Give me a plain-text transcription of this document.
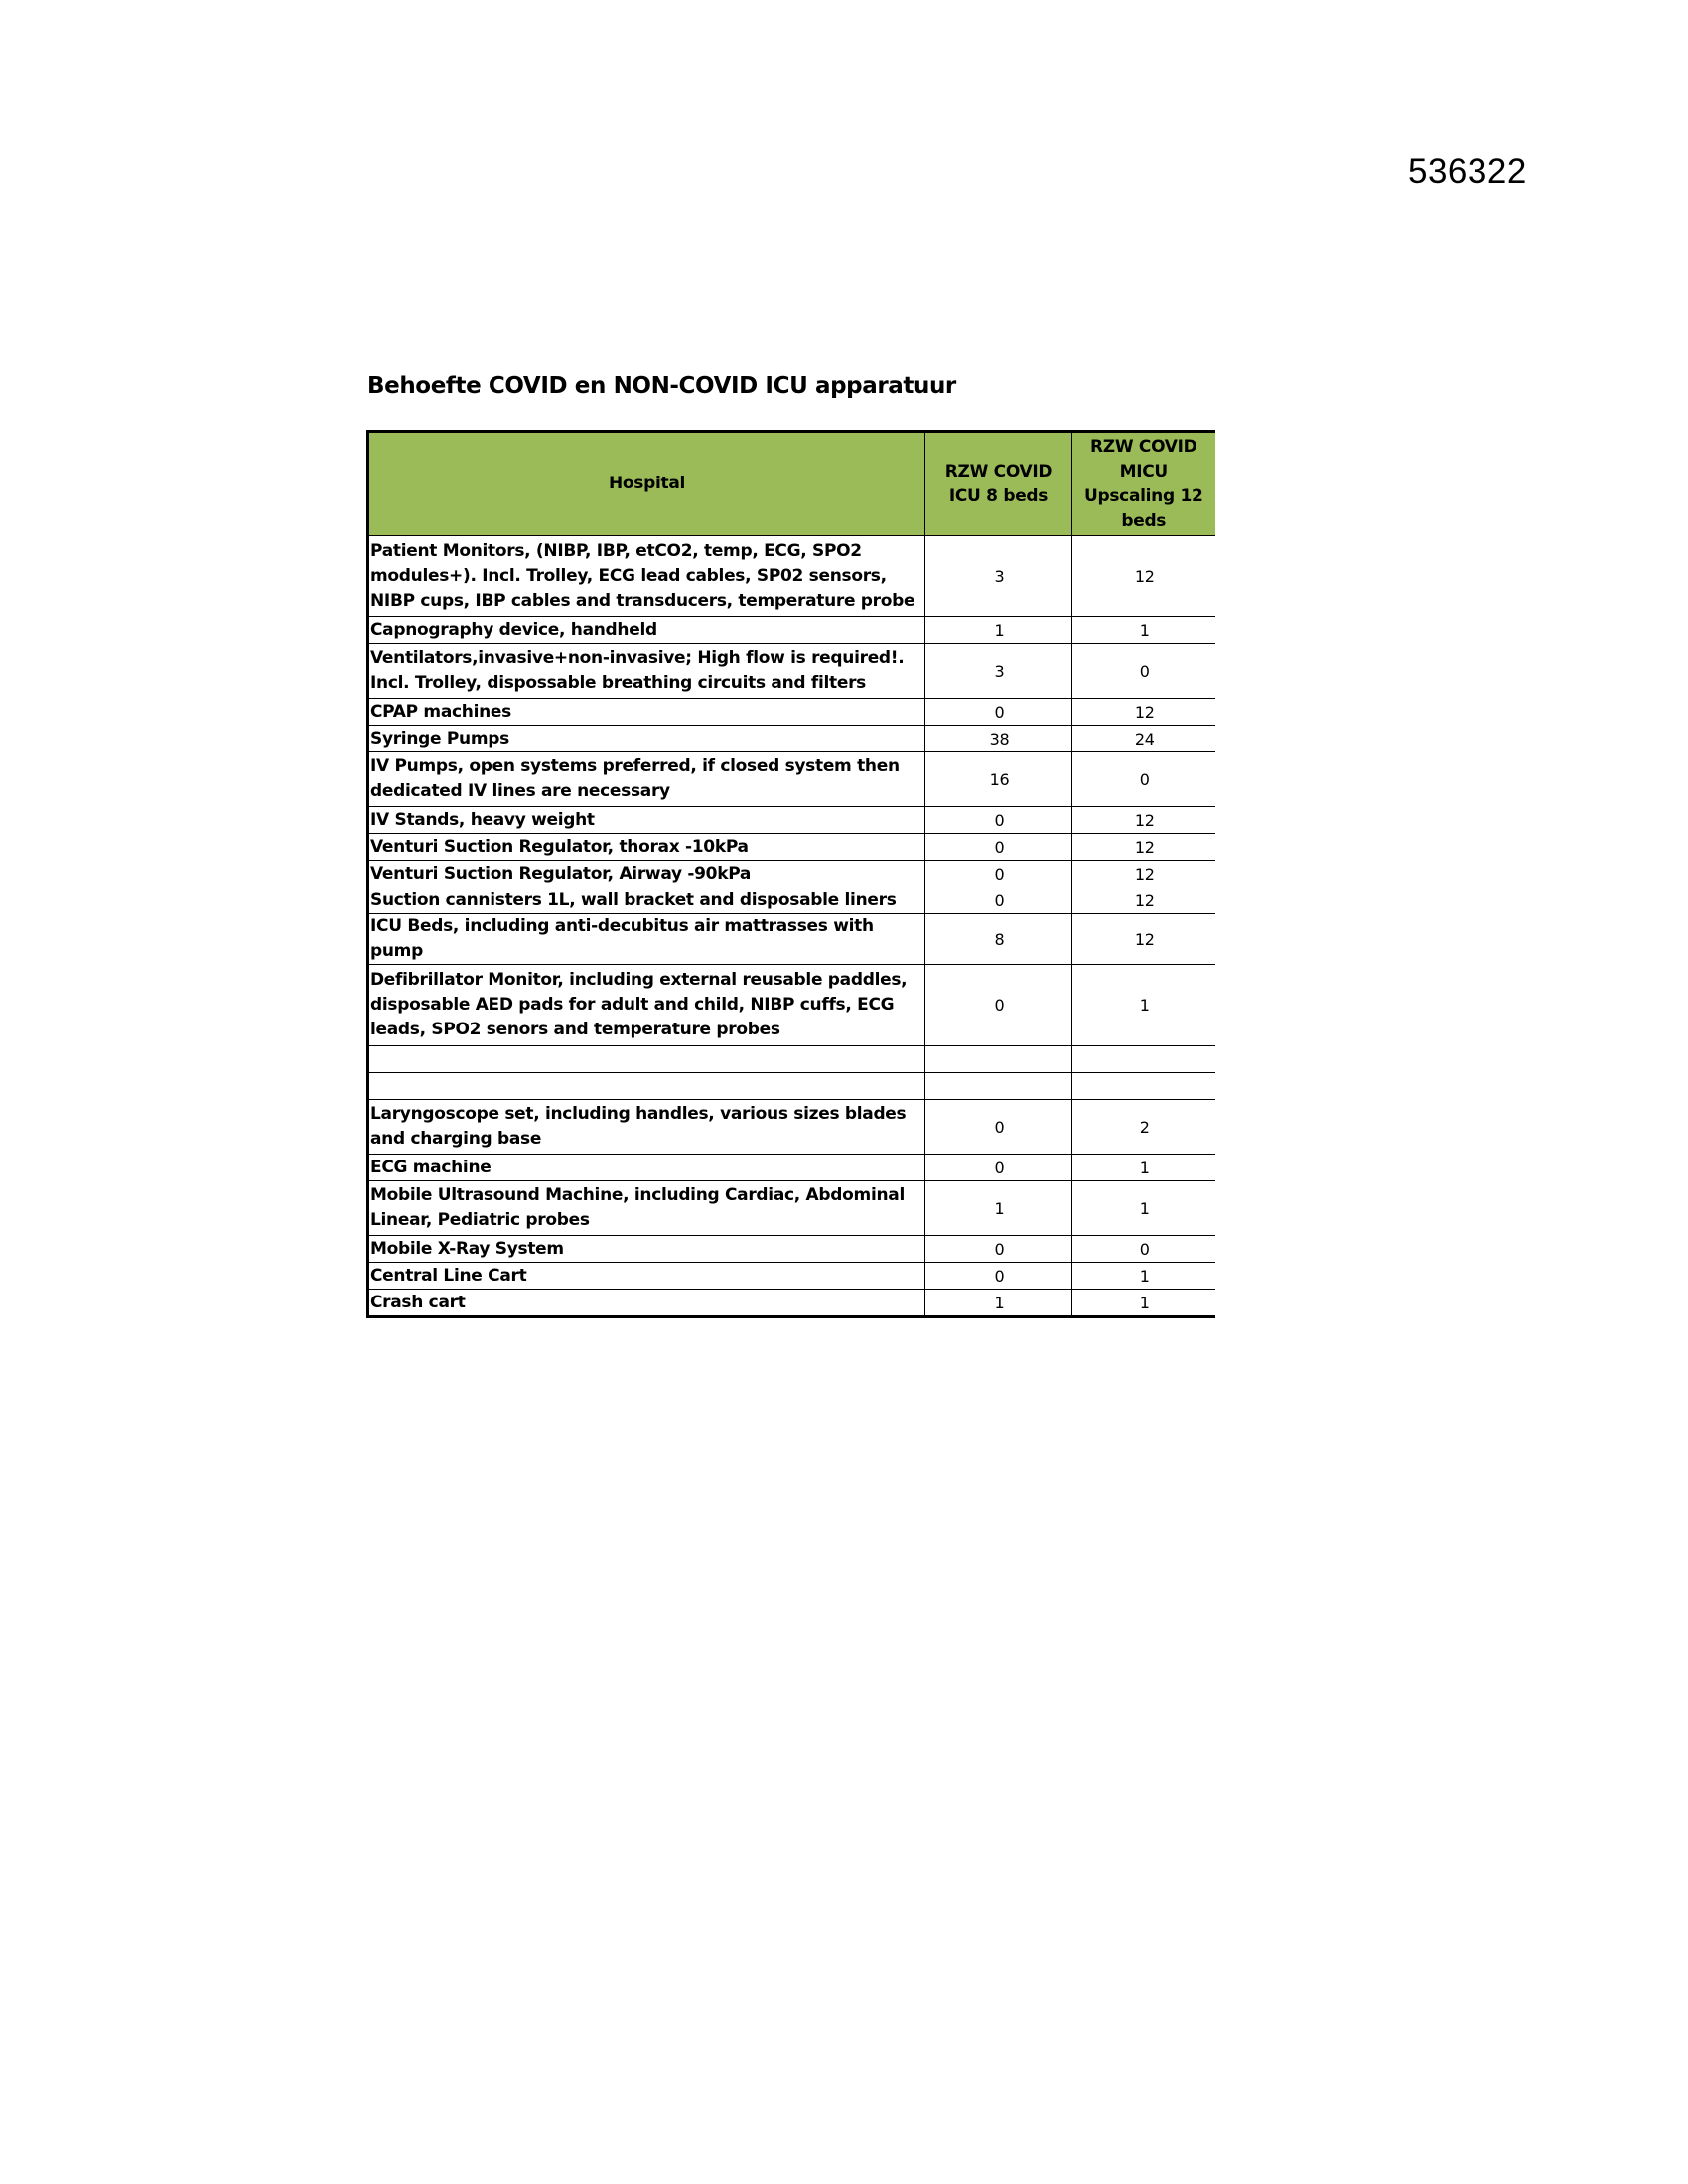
536322
Behoefte COVID en NON-COVID ICU apparatuur
Hospital	RZW COVID ICU 8 beds	RZW COVID MICU Upscaling 12 beds
Patient Monitors, (NIBP, IBP, etCO2, temp, ECG, SPO2 modules+). Incl. Trolley, ECG lead cables, SP02 sensors, NIBP cups, IBP cables and transducers, temperature probe	3	12
Capnography device, handheld	1	1
Ventilators,invasive+non-invasive; High flow is required!. Incl. Trolley, dispossable breathing circuits and filters	3	0
CPAP machines	0	12
Syringe Pumps	38	24
IV Pumps, open systems preferred, if closed system then dedicated IV lines are necessary	16	0
IV Stands, heavy weight	0	12
Venturi Suction Regulator, thorax -10kPa	0	12
Venturi Suction Regulator, Airway -90kPa	0	12
Suction cannisters 1L, wall bracket and disposable liners	0	12
ICU Beds, including anti-decubitus air mattrasses with pump	8	12
Defibrillator Monitor, including external reusable paddles, disposable AED pads for adult and child, NIBP cuffs, ECG leads, SPO2 senors and temperature probes	0	1

Laryngoscope set, including handles, various sizes blades and charging base	0	2
ECG machine	0	1
Mobile Ultrasound Machine, including Cardiac, Abdominal Linear, Pediatric probes	1	1
Mobile X-Ray System	0	0
Central Line Cart	0	1
Crash cart	1	1
